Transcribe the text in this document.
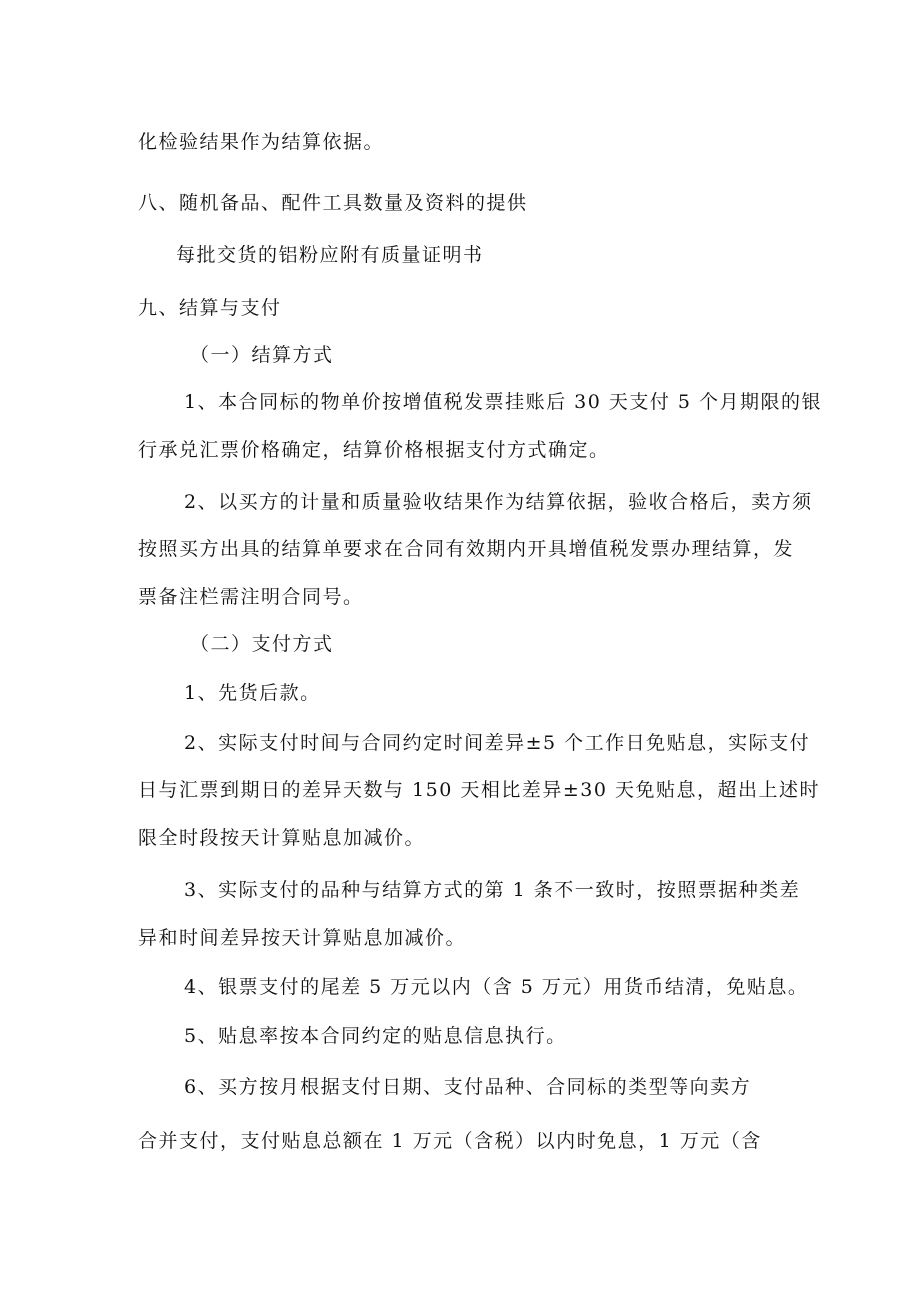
化检验结果作为结算依据。
八、随机备品、配件工具数量及资料的提供
每批交货的铝粉应附有质量证明书
九、结算与支付
（一）结算方式
1、本合同标的物单价按增值税发票挂账后 30 天支付 5 个月期限的银
行承兑汇票价格确定，结算价格根据支付方式确定。
2、以买方的计量和质量验收结果作为结算依据，验收合格后，卖方须
按照买方出具的结算单要求在合同有效期内开具增值税发票办理结算，发
票备注栏需注明合同号。
（二）支付方式
1、先货后款。
2、实际支付时间与合同约定时间差异±5 个工作日免贴息，实际支付
日与汇票到期日的差异天数与 150 天相比差异±30 天免贴息，超出上述时
限全时段按天计算贴息加减价。
3、实际支付的品种与结算方式的第 1 条不一致时，按照票据种类差
异和时间差异按天计算贴息加减价。
4、银票支付的尾差 5 万元以内（含 5 万元）用货币结清，免贴息。
5、贴息率按本合同约定的贴息信息执行。
6、买方按月根据支付日期、支付品种、合同标的类型等向卖方
合并支付，支付贴息总额在 1 万元（含税）以内时免息，1 万元（含
